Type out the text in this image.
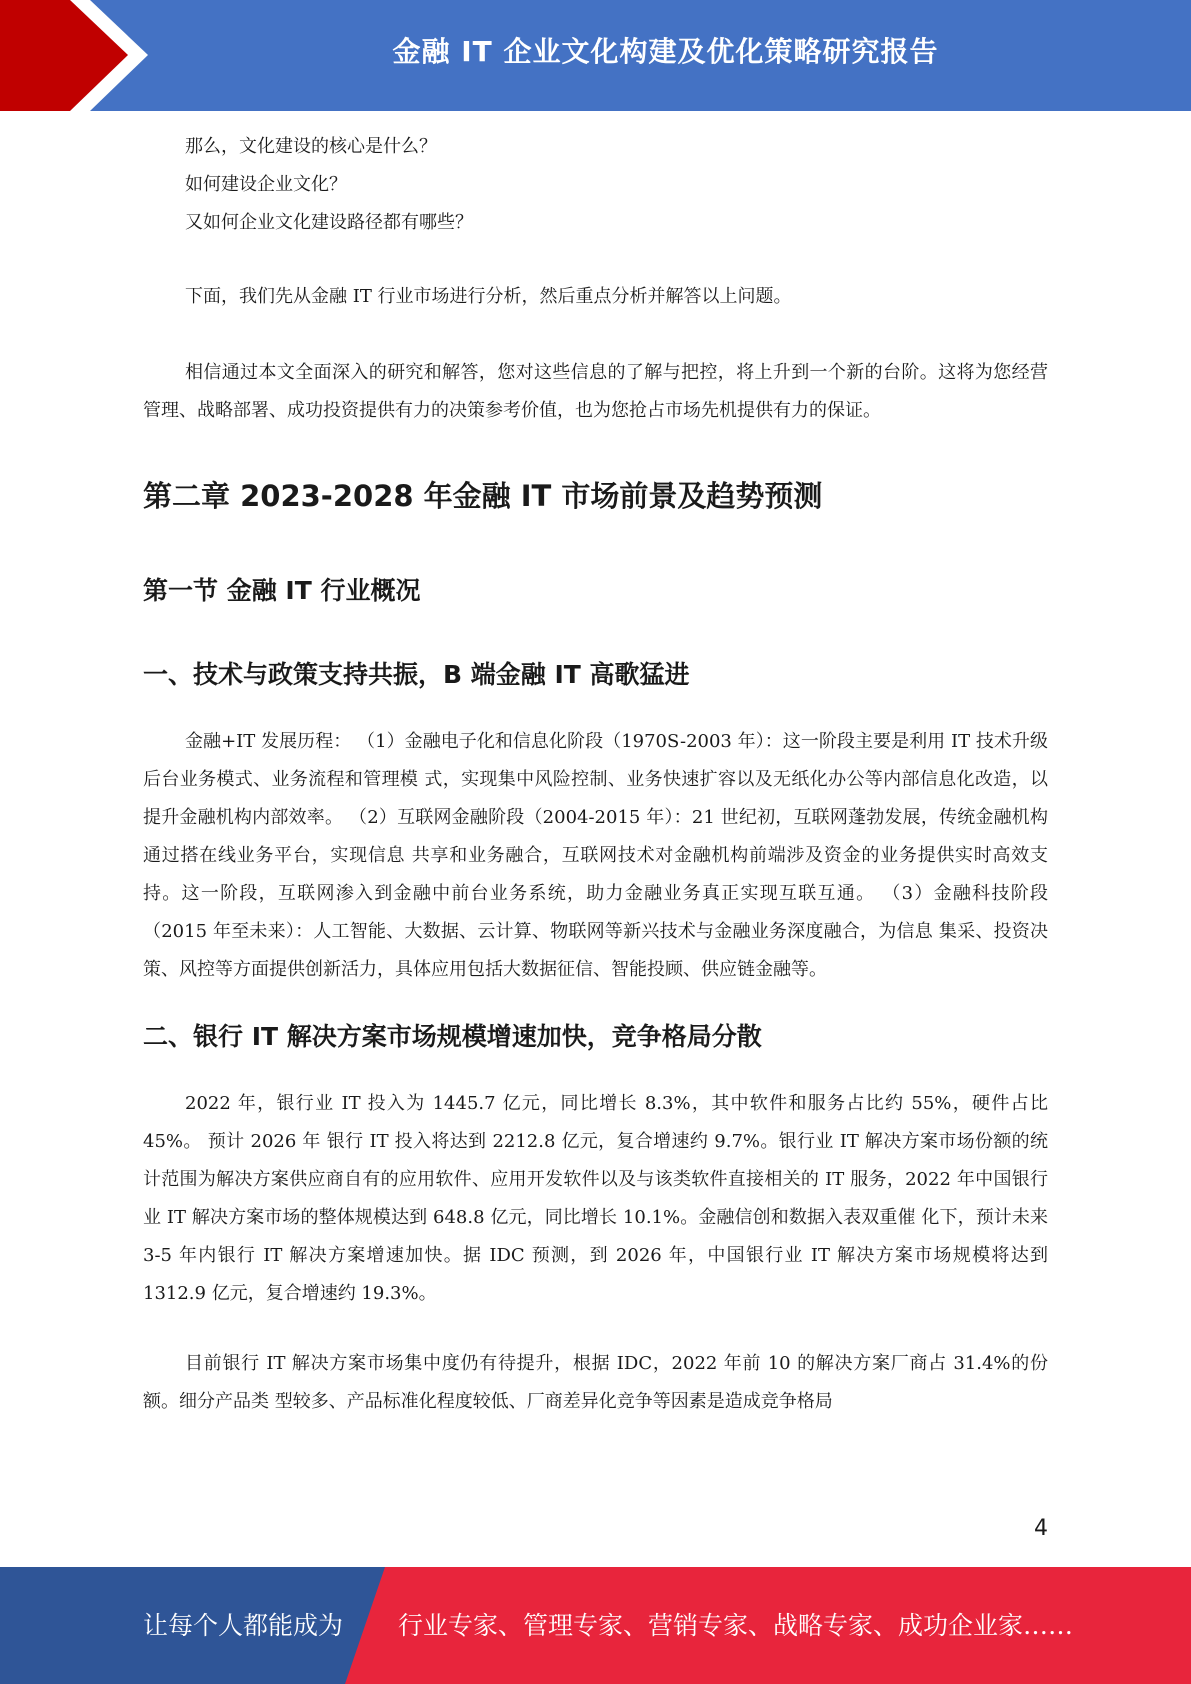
金融 IT 企业文化构建及优化策略研究报告

那么，文化建设的核心是什么？

如何建设企业文化？

又如何企业文化建设路径都有哪些？

下面，我们先从金融 IT 行业市场进行分析，然后重点分析并解答以上问题。

相信通过本文全面深入的研究和解答，您对这些信息的了解与把控，将上升到一个新的台阶。这将为您经营管理、战略部署、成功投资提供有力的决策参考价值，也为您抢占市场先机提供有力的保证。

第二章 2023-2028 年金融 IT 市场前景及趋势预测
第一节 金融 IT 行业概况
一、技术与政策支持共振，B 端金融 IT 高歌猛进

金融+IT 发展历程： （1）金融电子化和信息化阶段（1970S-2003 年）：这一阶段主要是利用 IT 技术升级后台业务模式、业务流程和管理模 式，实现集中风险控制、业务快速扩容以及无纸化办公等内部信息化改造，以提升金融机构内部效率。 （2）互联网金融阶段（2004-2015 年）：21 世纪初，互联网蓬勃发展，传统金融机构通过搭在线业务平台，实现信息 共享和业务融合，互联网技术对金融机构前端涉及资金的业务提供实时高效支持。这一阶段，互联网渗入到金融中前台业务系统，助力金融业务真正实现互联互通。 （3）金融科技阶段（2015 年至未来）：人工智能、大数据、云计算、物联网等新兴技术与金融业务深度融合，为信息 集采、投资决策、风控等方面提供创新活力，具体应用包括大数据征信、智能投顾、供应链金融等。

二、银行 IT 解决方案市场规模增速加快，竞争格局分散

2022 年，银行业 IT 投入为 1445.7 亿元，同比增长 8.3%，其中软件和服务占比约 55%，硬件占比 45%。 预计 2026 年 银行 IT 投入将达到 2212.8 亿元，复合增速约 9.7%。银行业 IT 解决方案市场份额的统计范围为解决方案供应商自有的应用软件、应用开发软件以及与该类软件直接相关的 IT 服务，2022 年中国银行业 IT 解决方案市场的整体规模达到 648.8 亿元，同比增长 10.1%。金融信创和数据入表双重催 化下，预计未来 3-5 年内银行 IT 解决方案增速加快。据 IDC 预测，到 2026 年，中国银行业 IT 解决方案市场规模将达到 1312.9 亿元，复合增速约 19.3%。

目前银行 IT 解决方案市场集中度仍有待提升，根据 IDC，2022 年前 10 的解决方案厂商占 31.4%的份额。细分产品类 型较多、产品标准化程度较低、厂商差异化竞争等因素是造成竞争格局

4
让每个人都能成为 行业专家、管理专家、营销专家、战略专家、成功企业家……
